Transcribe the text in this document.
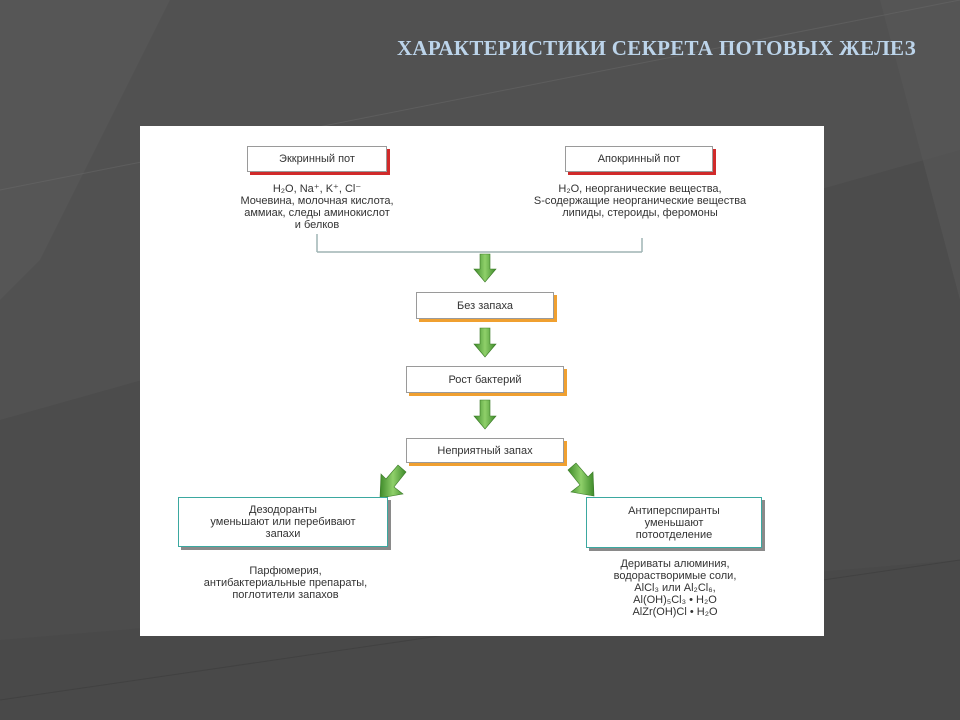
ХАРАКТЕРИСТИКИ СЕКРЕТА ПОТОВЫХ ЖЕЛЕЗ
Эккринный пот
H₂O, Na⁺, K⁺, Cl⁻
Мочевина, молочная кислота,
аммиак, следы аминокислот
и белков
Апокринный пот
H₂O, неорганические вещества,
S-содержащие неорганические вещества
липиды, стероиды, феромоны
Без запаха
Рост бактерий
Неприятный запах
Дезодоранты
уменьшают или перебивают
запахи
Парфюмерия,
антибактериальные препараты,
поглотители запахов
Антиперспиранты
уменьшают
потоотделение
Дериваты алюминия,
водорастворимые соли,
AlCl₃ или Al₂Cl₆,
Al(OH)₅Cl₃ • H₂O
AlZr(OH)Cl • H₂O
